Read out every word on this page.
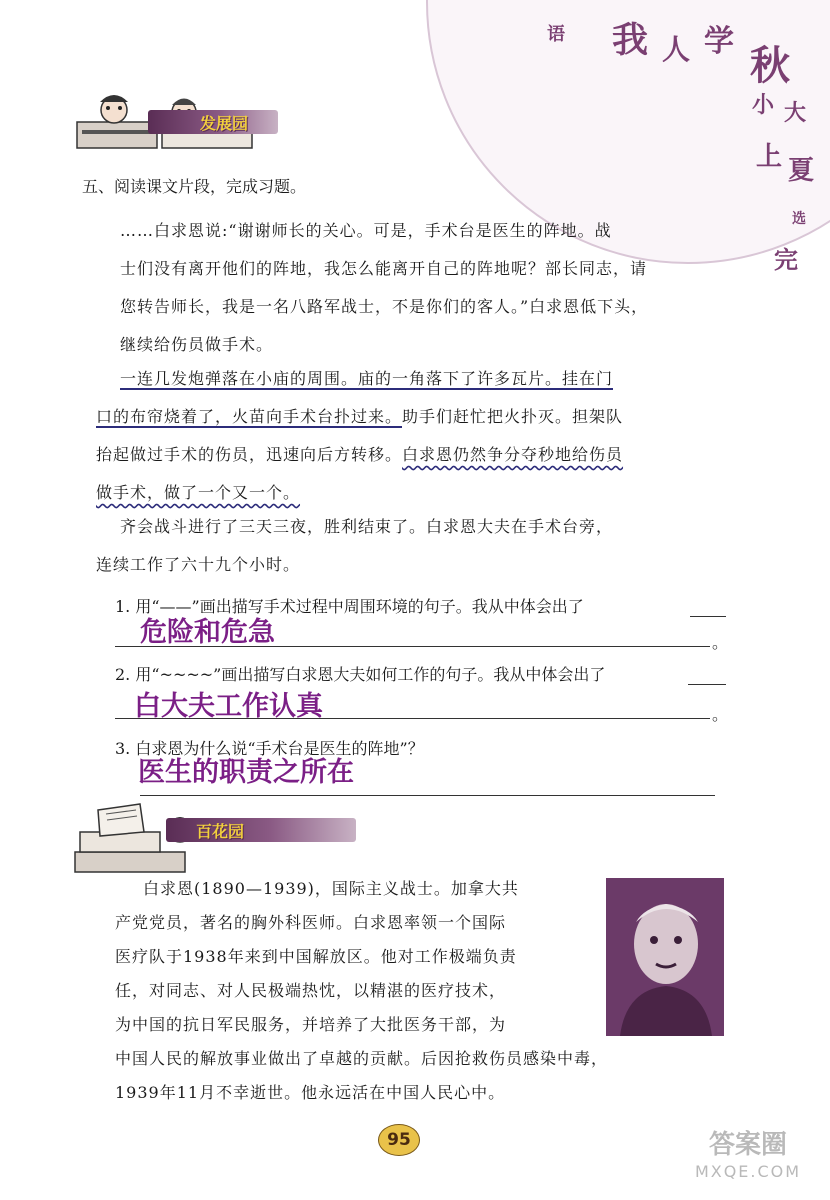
语 我 人 学
秋
小 大
上 夏
选
完
发展园
五、阅读课文片段，完成习题。
……白求恩说:“谢谢师长的关心。可是，手术台是医生的阵地。战
士们没有离开他们的阵地，我怎么能离开自己的阵地呢？部长同志，请
您转告师长，我是一名八路军战士，不是你们的客人。”白求恩低下头，
继续给伤员做手术。
一连几发炮弹落在小庙的周围。庙的一角落下了许多瓦片。挂在门
口的布帘烧着了，火苗向手术台扑过来。助手们赶忙把火扑灭。担架队
抬起做过手术的伤员，迅速向后方转移。白求恩仍然争分夺秒地给伤员
做手术，做了一个又一个。
齐会战斗进行了三天三夜，胜利结束了。白求恩大夫在手术台旁，
连续工作了六十九个小时。
1. 用“——”画出描写手术过程中周围环境的句子。我从中体会出了
危险和危急	。
2. 用“~~~~”画出描写白求恩大夫如何工作的句子。我从中体会出了
白大夫工作认真	。
3. 白求恩为什么说“手术台是医生的阵地”？
医生的职责之所在
百花园
白求恩(1890—1939)，国际主义战士。加拿大共
产党党员，著名的胸外科医师。白求恩率领一个国际
医疗队于1938年来到中国解放区。他对工作极端负责
任，对同志、对人民极端热忱，以精湛的医疗技术，
为中国的抗日军民服务，并培养了大批医务干部，为
中国人民的解放事业做出了卓越的贡献。后因抢救伤员感染中毒，
1939年11月不幸逝世。他永远活在中国人民心中。
95	答案圈
MXQE.COM
